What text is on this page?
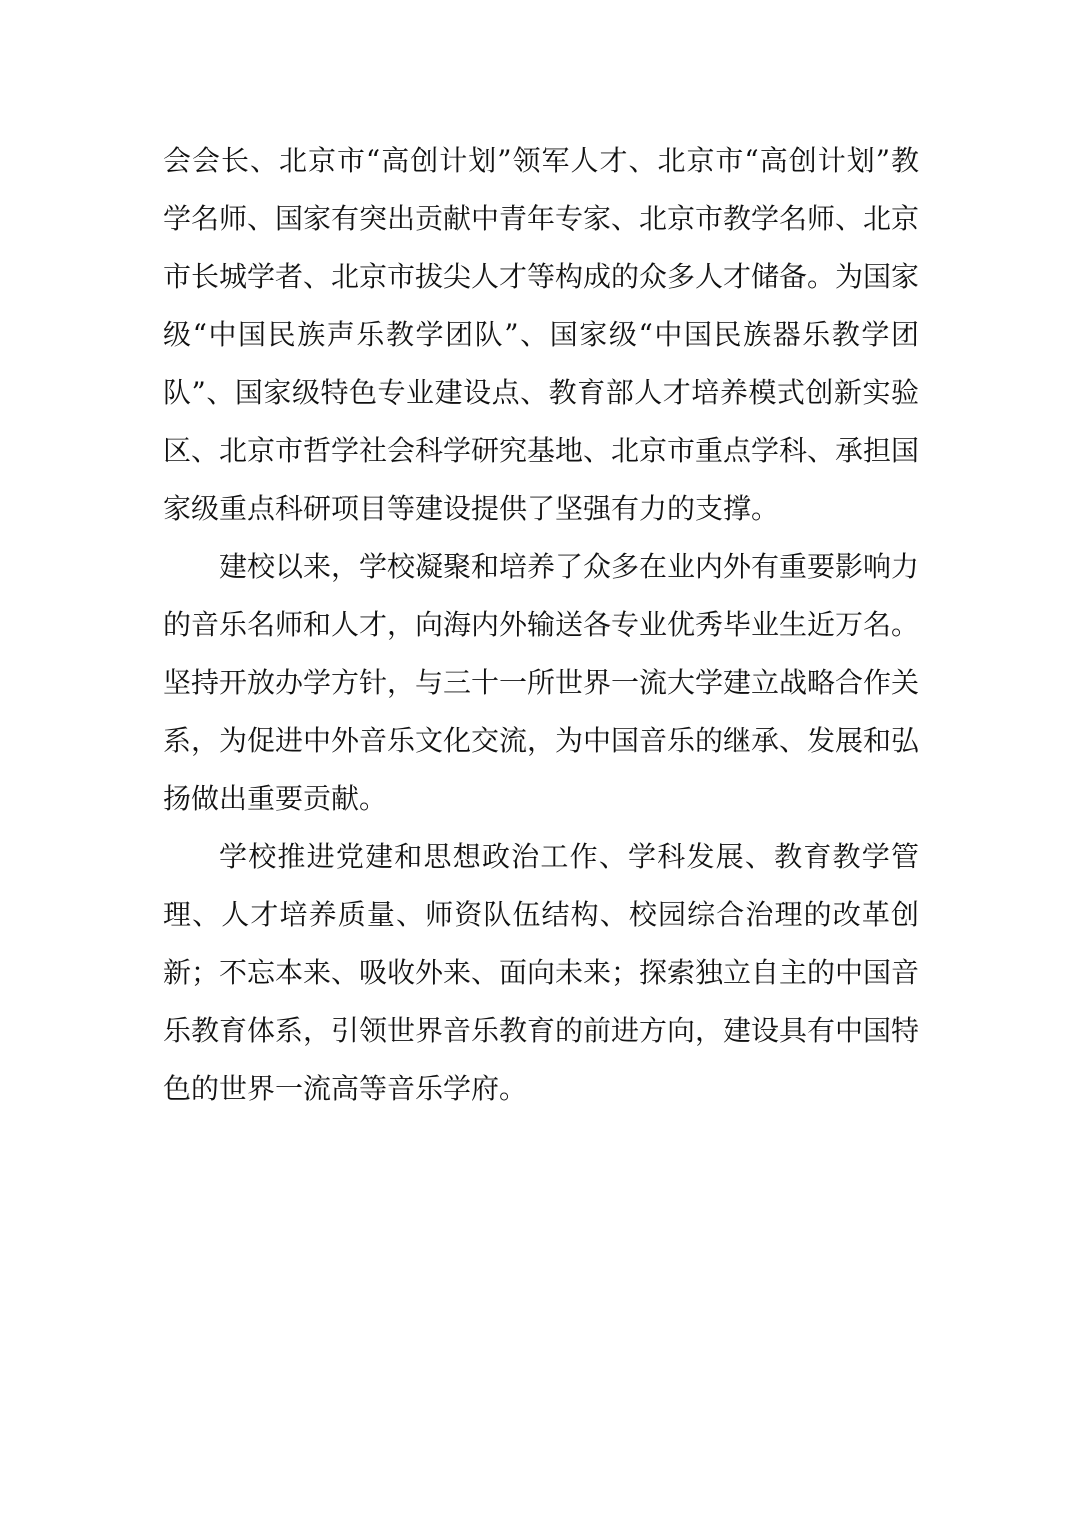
会会长、北京市“高创计划”领军人才、北京市“高创计划”教学名师、国家有突出贡献中青年专家、北京市教学名师、北京市长城学者、北京市拔尖人才等构成的众多人才储备。为国家级“中国民族声乐教学团队”、国家级“中国民族器乐教学团队”、国家级特色专业建设点、教育部人才培养模式创新实验区、北京市哲学社会科学研究基地、北京市重点学科、承担国家级重点科研项目等建设提供了坚强有力的支撑。

建校以来，学校凝聚和培养了众多在业内外有重要影响力的音乐名师和人才，向海内外输送各专业优秀毕业生近万名。坚持开放办学方针，与三十一所世界一流大学建立战略合作关系，为促进中外音乐文化交流，为中国音乐的继承、发展和弘扬做出重要贡献。

学校推进党建和思想政治工作、学科发展、教育教学管理、人才培养质量、师资队伍结构、校园综合治理的改革创新；不忘本来、吸收外来、面向未来；探索独立自主的中国音乐教育体系，引领世界音乐教育的前进方向，建设具有中国特色的世界一流高等音乐学府。
